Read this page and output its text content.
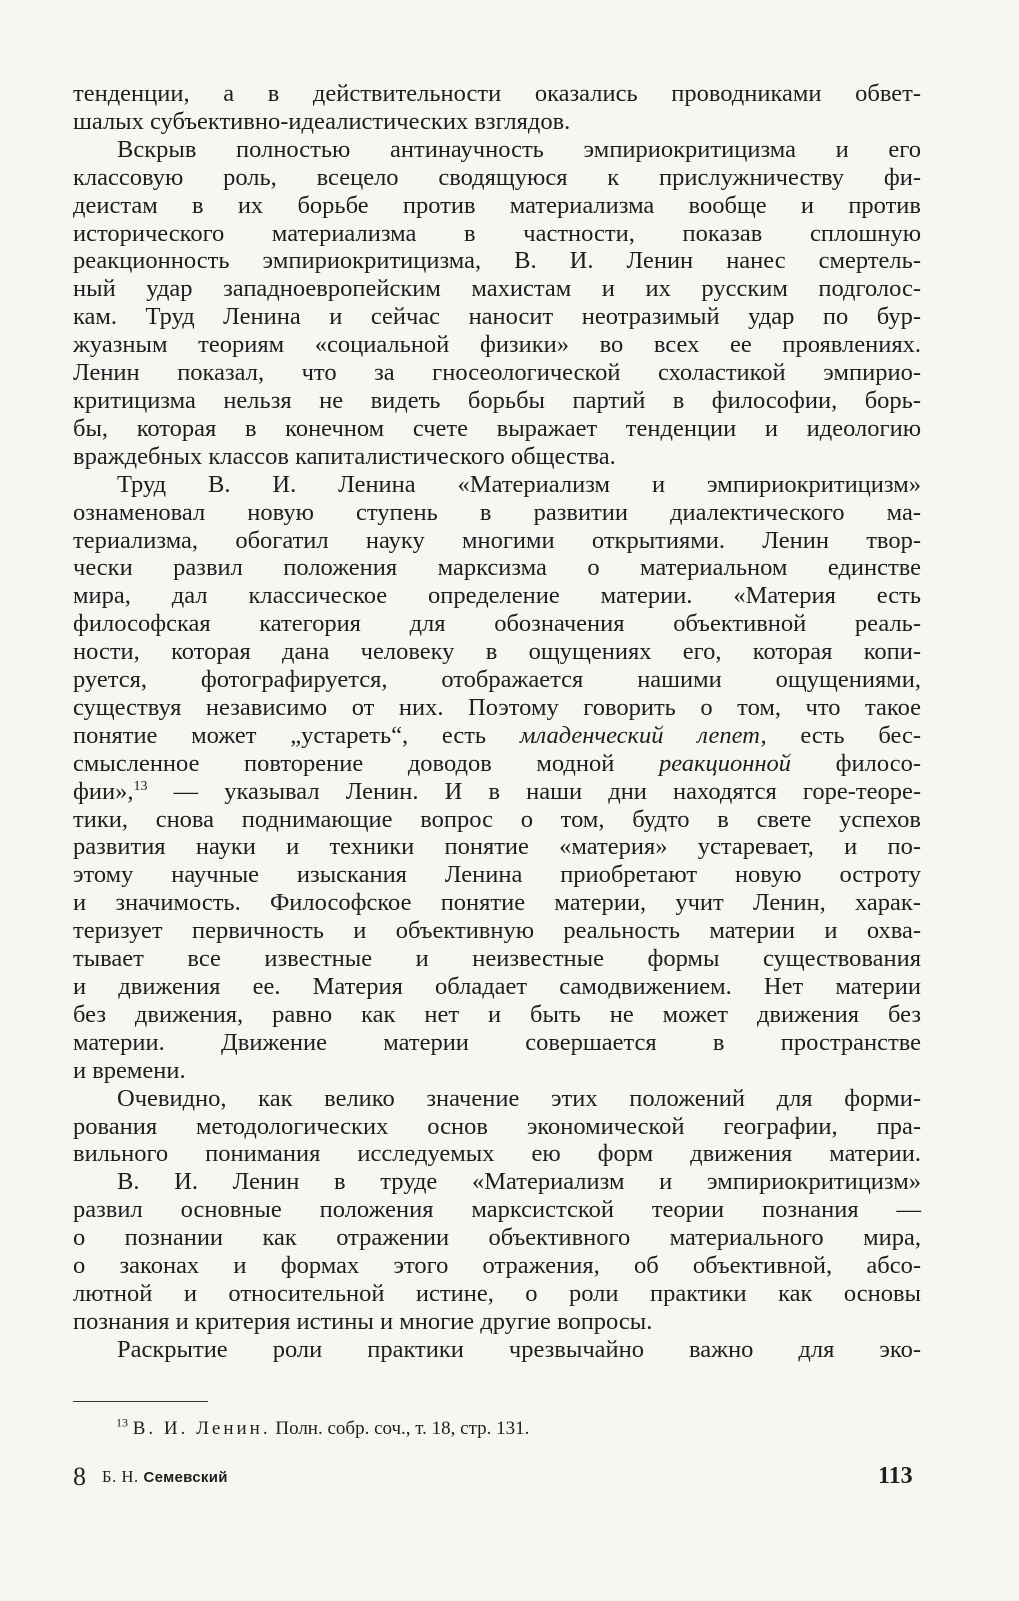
тенденции, а в действительности оказались проводниками обвет-

шалых субъективно-идеалистических взглядов.

Вскрыв полностью антинаучность эмпириокритицизма и его

классовую роль, всецело сводящуюся к прислужничеству фи-

деистам в их борьбе против материализма вообще и против

исторического материализма в частности, показав сплошную

реакционность эмпириокритицизма, В. И. Ленин нанес смертель-

ный удар западноевропейским махистам и их русским подголос-

кам. Труд Ленина и сейчас наносит неотразимый удар по бур-

жуазным теориям «социальной физики» во всех ее проявлениях.

Ленин показал, что за гносеологической схоластикой эмпирио-

критицизма нельзя не видеть борьбы партий в философии, борь-

бы, которая в конечном счете выражает тенденции и идеологию

враждебных классов капиталистического общества.

Труд В. И. Ленина «Материализм и эмпириокритицизм»

ознаменовал новую ступень в развитии диалектического ма-

териализма, обогатил науку многими открытиями. Ленин твор-

чески развил положения марксизма о материальном единстве

мира, дал классическое определение материи. «Материя есть

философская категория для обозначения объективной реаль-

ности, которая дана человеку в ощущениях его, которая копи-

руется, фотографируется, отображается нашими ощущениями,

существуя независимо от них. Поэтому говорить о том, что такое

понятие может „устареть“, есть младенческий лепет, есть бес-

смысленное повторение доводов модной реакционной филосо-

фии»,$^{13}$ — указывал Ленин. И в наши дни находятся горе-теоре-

тики, снова поднимающие вопрос о том, будто в свете успехов

развития науки и техники понятие «материя» устаревает, и по-

этому научные изыскания Ленина приобретают новую остроту

и значимость. Философское понятие материи, учит Ленин, харак-

теризует первичность и объективную реальность материи и охва-

тывает все известные и неизвестные формы существования

и движения ее. Материя обладает самодвижением. Нет материи

без движения, равно как нет и быть не может движения без

материи. Движение материи совершается в пространстве

и времени.

Очевидно, как велико значение этих положений для форми-

рования методологических основ экономической географии, пра-

вильного понимания исследуемых ею форм движения материи.

В. И. Ленин в труде «Материализм и эмпириокритицизм»

развил основные положения марксистской теории познания —

о познании как отражении объективного материального мира,

о законах и формах этого отражения, об объективной, абсо-

лютной и относительной истине, о роли практики как основы

познания и критерия истины и многие другие вопросы.

Раскрытие роли практики чрезвычайно важно для эко-

$^{13}$ В. И. Ленин. Полн. собр. соч., т. 18, стр. 131.
8 Б. Н. Семевский	113
